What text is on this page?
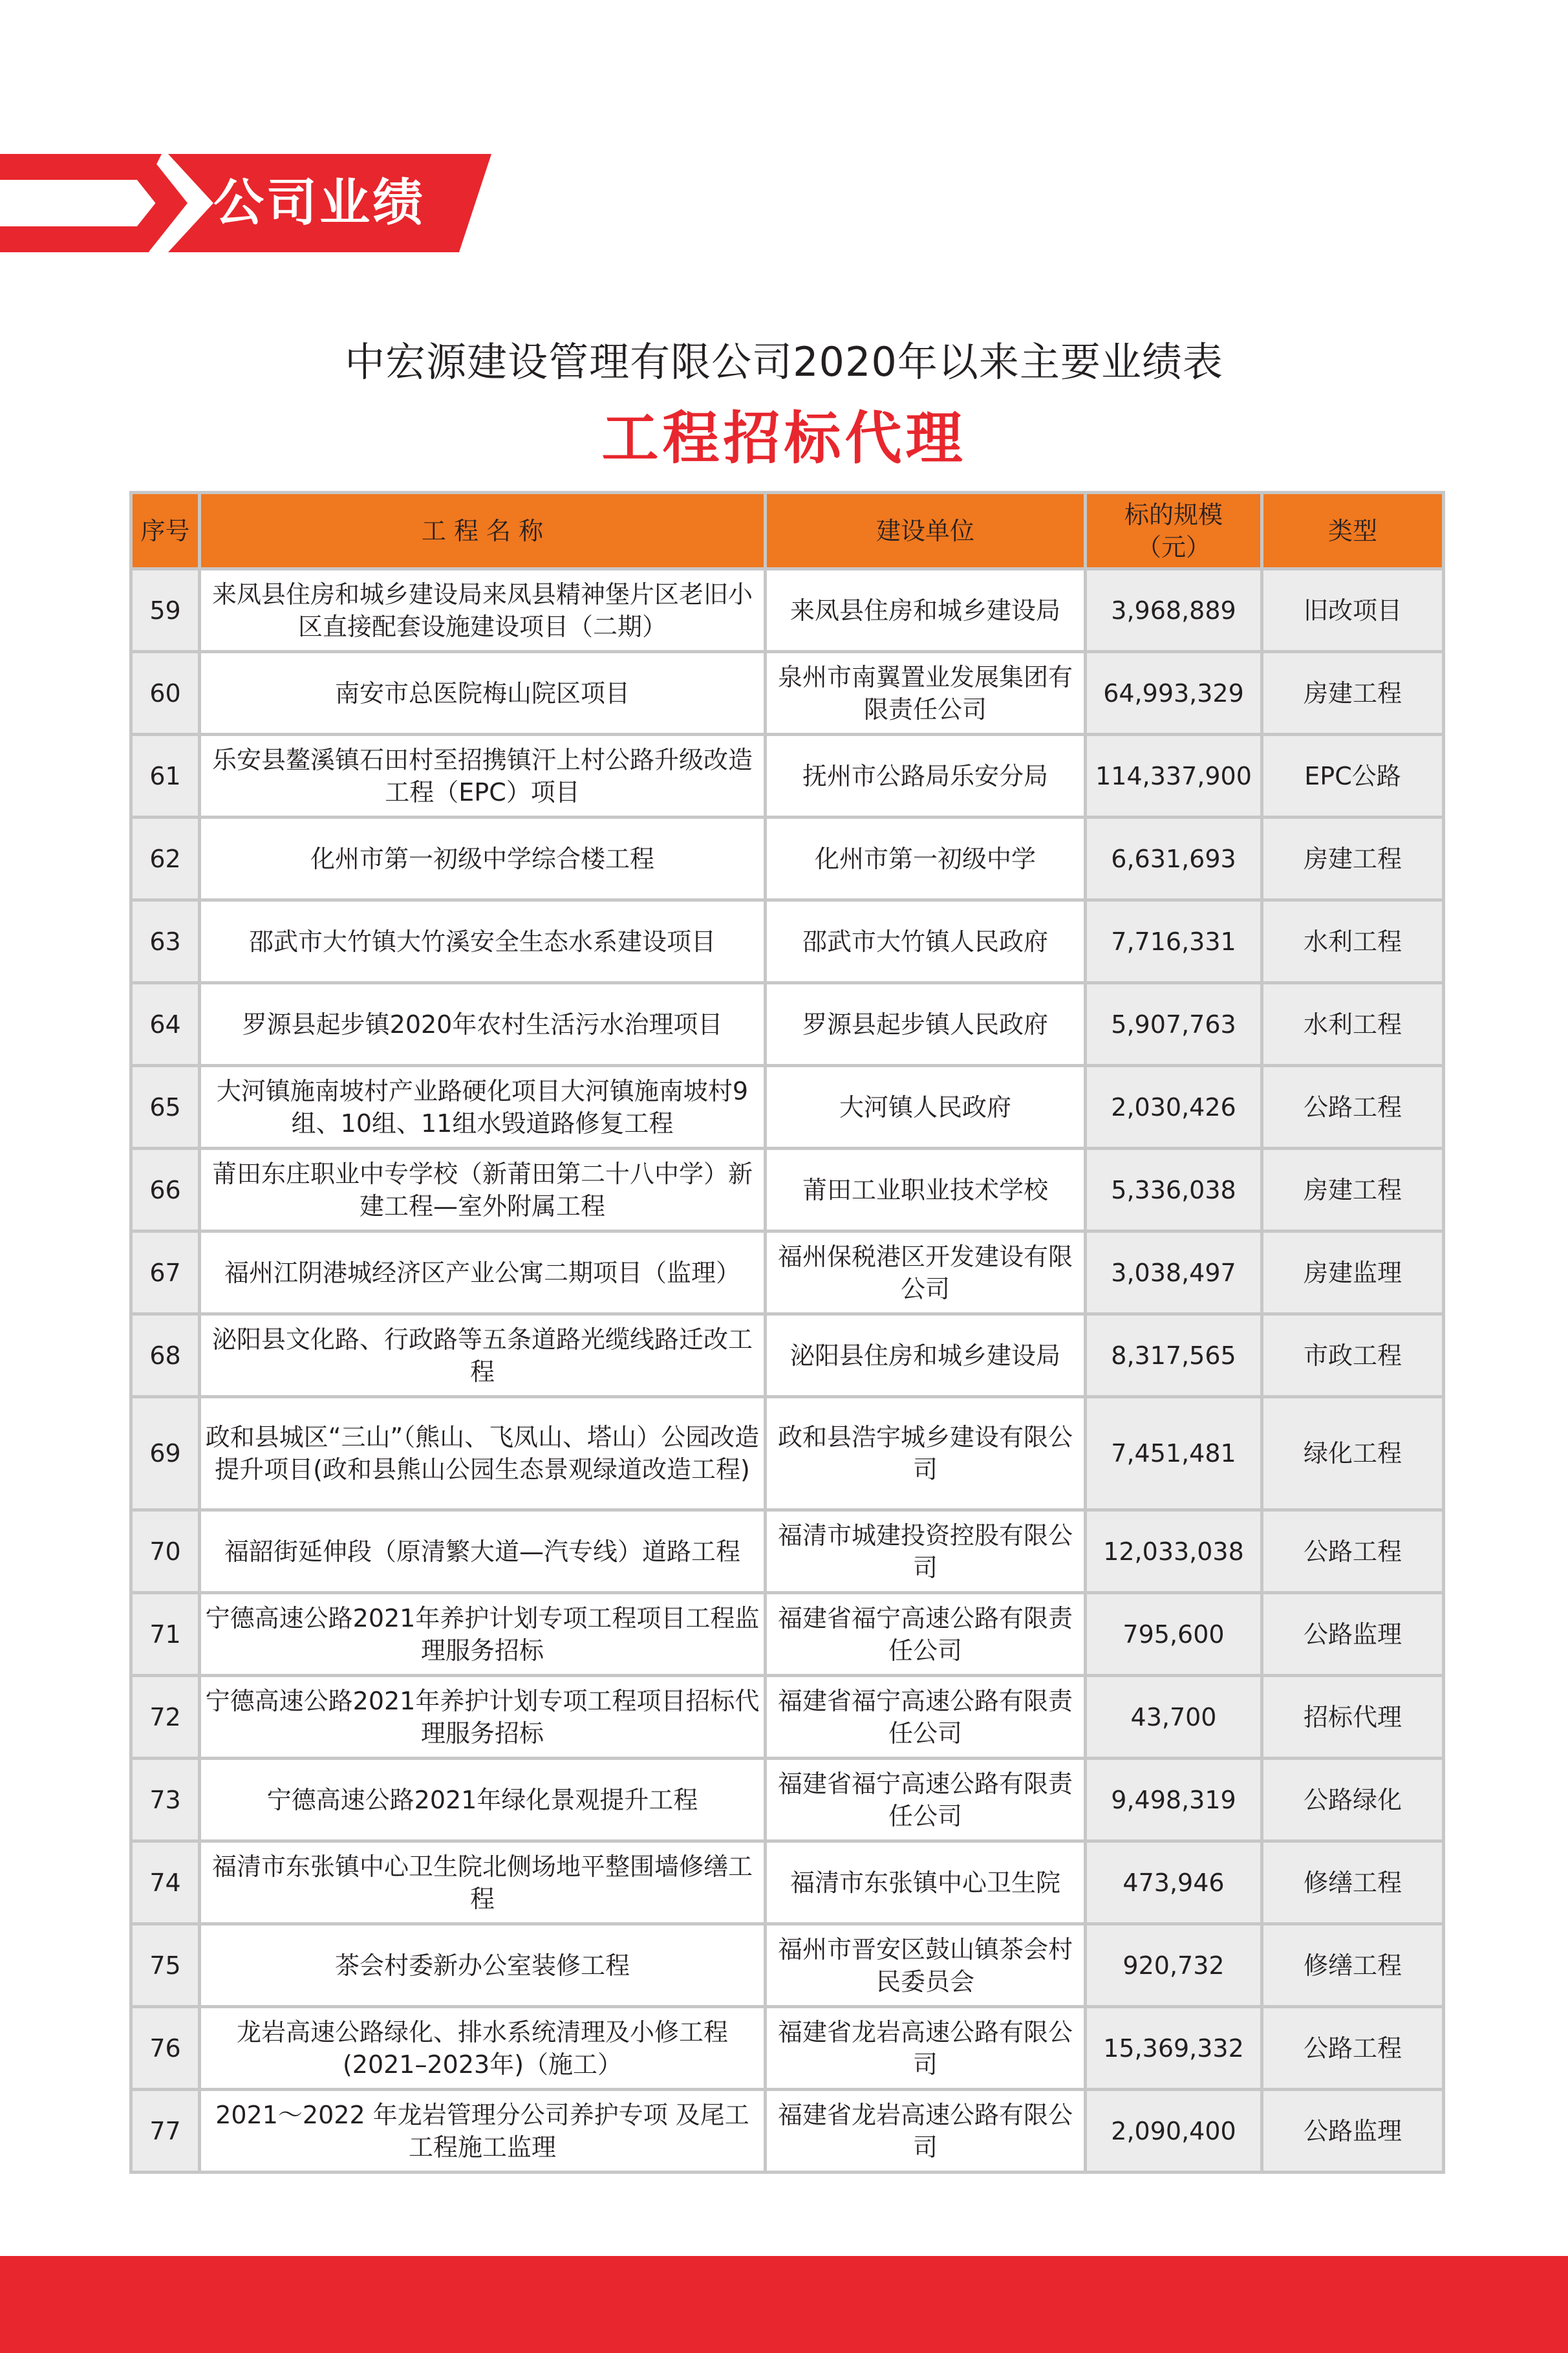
公司业绩
中宏源建设管理有限公司2020年以来主要业绩表
工程招标代理
序号	工 程 名 称	建设单位	标的规模（元）	类型
59	来凤县住房和城乡建设局来凤县精神堡片区老旧小区直接配套设施建设项目（二期）	来凤县住房和城乡建设局	3,968,889	旧改项目
60	南安市总医院梅山院区项目	泉州市南翼置业发展集团有限责任公司	64,993,329	房建工程
61	乐安县鳌溪镇石田村至招携镇汗上村公路升级改造工程（EPC）项目	抚州市公路局乐安分局	114,337,900	EPC公路
62	化州市第一初级中学综合楼工程	化州市第一初级中学	6,631,693	房建工程
63	邵武市大竹镇大竹溪安全生态水系建设项目	邵武市大竹镇人民政府	7,716,331	水利工程
64	罗源县起步镇2020年农村生活污水治理项目	罗源县起步镇人民政府	5,907,763	水利工程
65	大河镇施南坡村产业路硬化项目大河镇施南坡村9组、10组、11组水毁道路修复工程	大河镇人民政府	2,030,426	公路工程
66	莆田东庄职业中专学校（新莆田第二十八中学）新建工程—室外附属工程	莆田工业职业技术学校	5,336,038	房建工程
67	福州江阴港城经济区产业公寓二期项目（监理）	福州保税港区开发建设有限公司	3,038,497	房建监理
68	泌阳县文化路、行政路等五条道路光缆线路迁改工程	泌阳县住房和城乡建设局	8,317,565	市政工程
69	政和县城区“三山”（熊山、飞凤山、塔山）公园改造提升项目(政和县熊山公园生态景观绿道改造工程)	政和县浩宇城乡建设有限公司	7,451,481	绿化工程
70	福韶街延伸段（原清繁大道—汽专线）道路工程	福清市城建投资控股有限公司	12,033,038	公路工程
71	宁德高速公路2021年养护计划专项工程项目工程监理服务招标	福建省福宁高速公路有限责任公司	795,600	公路监理
72	宁德高速公路2021年养护计划专项工程项目招标代理服务招标	福建省福宁高速公路有限责任公司	43,700	招标代理
73	宁德高速公路2021年绿化景观提升工程	福建省福宁高速公路有限责任公司	9,498,319	公路绿化
74	福清市东张镇中心卫生院北侧场地平整围墙修缮工程	福清市东张镇中心卫生院	473,946	修缮工程
75	茶会村委新办公室装修工程	福州市晋安区鼓山镇茶会村民委员会	920,732	修缮工程
76	龙岩高速公路绿化、排水系统清理及小修工程(2021–2023年)（施工）	福建省龙岩高速公路有限公司	15,369,332	公路工程
77	2021～2022 年龙岩管理分公司养护专项 及尾工工程施工监理	福建省龙岩高速公路有限公司	2,090,400	公路监理
